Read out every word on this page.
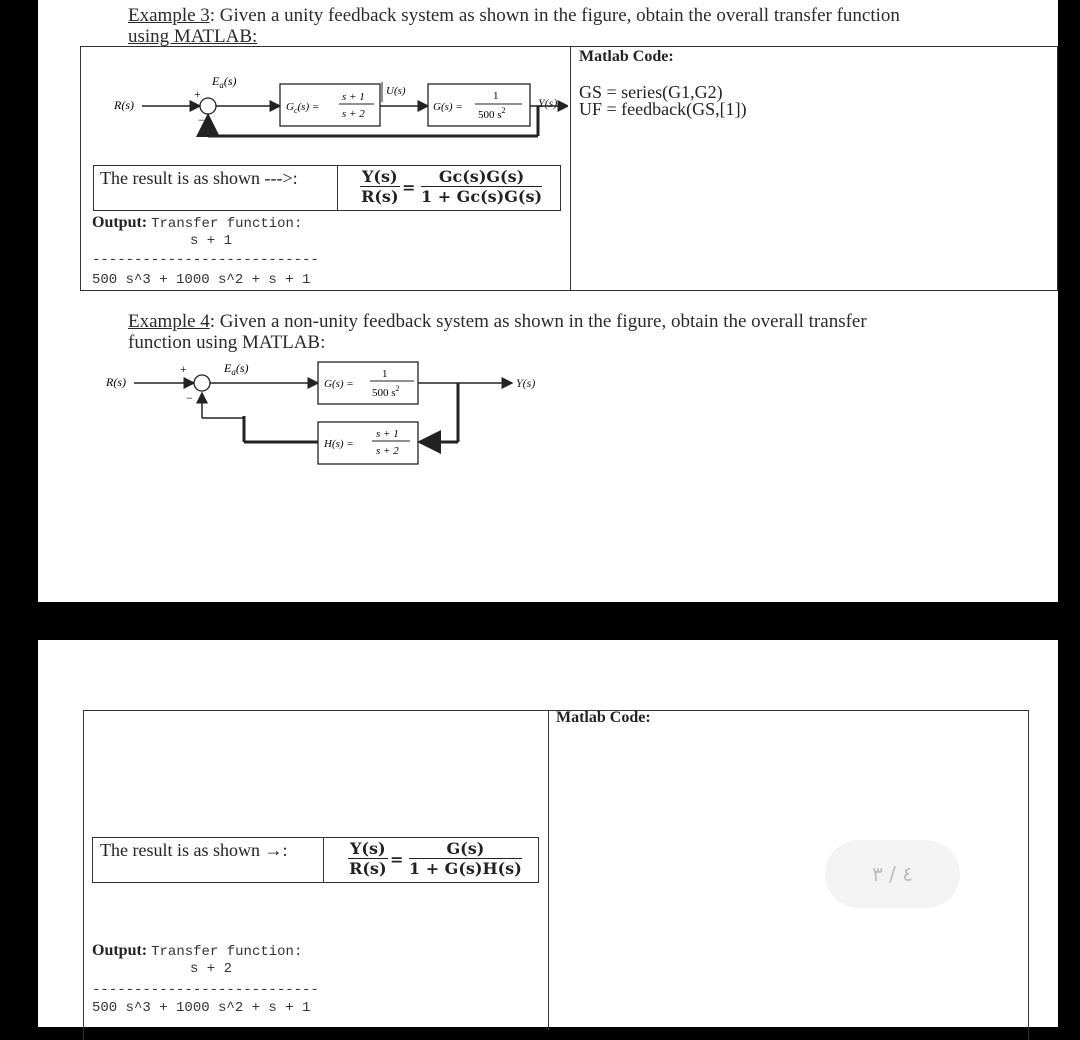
Example 3: Given a unity feedback system as shown in the figure, obtain the overall transfer function
using MATLAB:
Matlab Code:
GS = series(G1,G2)
UF = feedback(GS,[1])
R(s)
+
−
$E_a(s)$
$G_c(s)$ =
s + 1
s + 2
U(s)
G(s) =
1
500 $s^2$
Y(s)
The result is as shown --->:	$\frac{Y(s)}{R(s)} = \frac{Gc(s)G(s)}{1 + Gc(s)G(s)}$
Output: Transfer function:
s + 1
---------------------------
500 s^3 + 1000 s^2 + s + 1
Example 4: Given a non-unity feedback system as shown in the figure, obtain the overall transfer
function using MATLAB:
R(s)
+
−
$E_a(s)$
G(s) =
1
500 $s^2$
H(s) =
s + 1
s + 2
Y(s)
Matlab Code:
The result is as shown →:	$\frac{Y(s)}{R(s)} = \frac{G(s)}{1 + G(s)H(s)}$
Output: Transfer function:
s + 2
---------------------------
500 s^3 + 1000 s^2 + s + 1
٤ / ٣
